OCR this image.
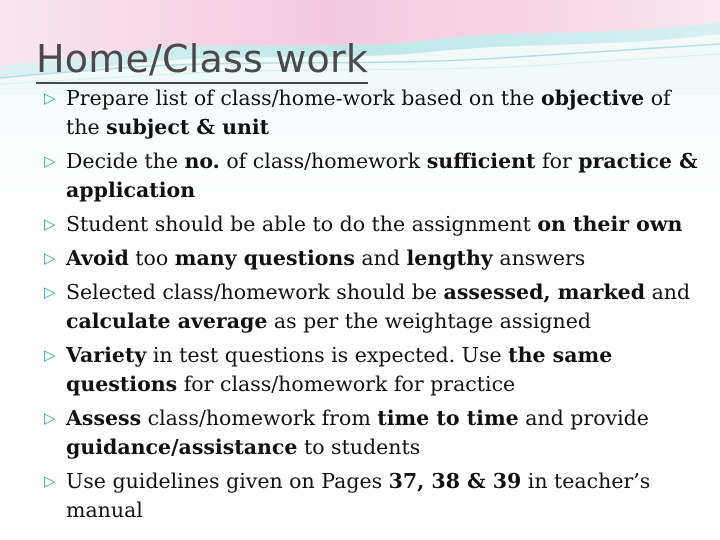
Home/Class work
▷ Prepare list of class/home-work based on the objective of the subject & unit
▷ Decide the no. of class/homework sufficient for practice & application
▷ Student should be able to do the assignment on their own
▷ Avoid too many questions and lengthy answers
▷ Selected class/homework should be assessed, marked and calculate average as per the weightage assigned
▷ Variety in test questions is expected. Use the same questions for class/homework for practice
▷ Assess class/homework from time to time and provide guidance/assistance to students
▷ Use guidelines given on Pages 37, 38 & 39 in teacher’s manual
